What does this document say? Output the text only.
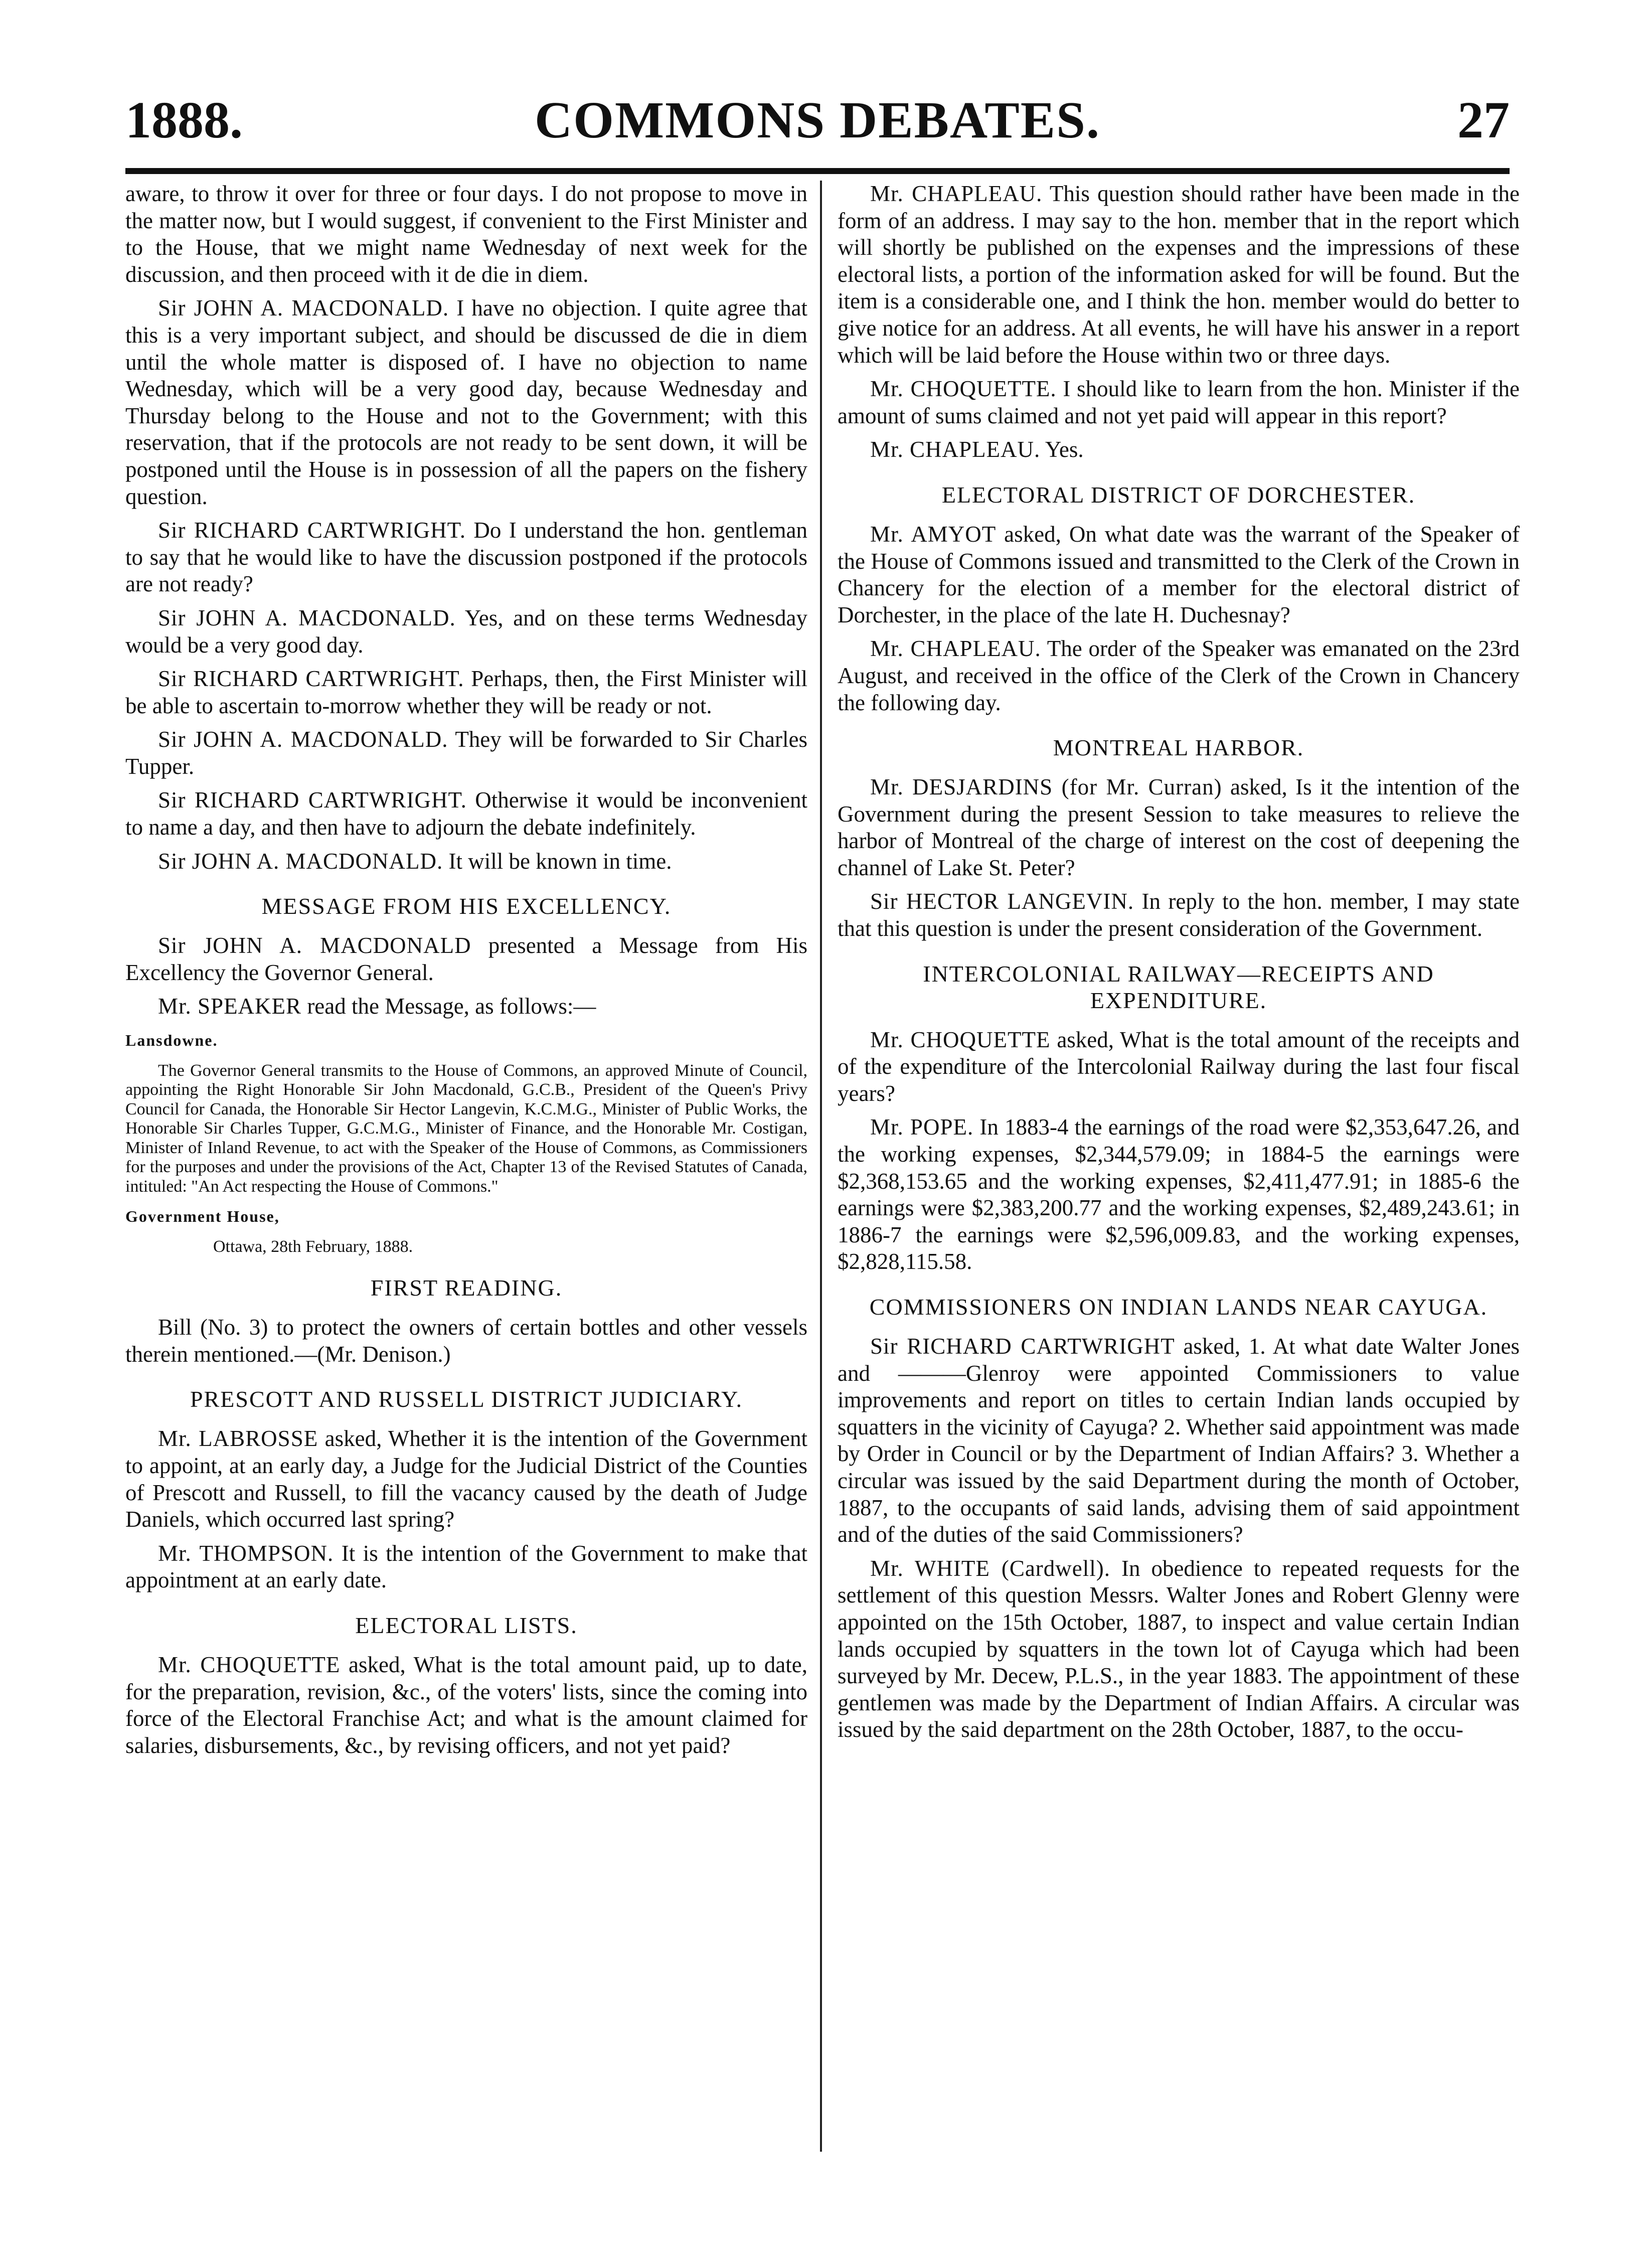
COMMONS DEBATES.
1888.	27

aware, to throw it over for three or four days. I do not propose to move in the matter now, but I would suggest, if convenient to the First Minister and to the House, that we might name Wednesday of next week for the discussion, and then proceed with it de die in diem.

Sir JOHN A. MACDONALD. I have no objection. I quite agree that this is a very important subject, and should be discussed de die in diem until the whole matter is disposed of. I have no objection to name Wednesday, which will be a very good day, because Wednesday and Thursday belong to the House and not to the Government; with this reservation, that if the protocols are not ready to be sent down, it will be postponed until the House is in possession of all the papers on the fishery question.

Sir RICHARD CARTWRIGHT. Do I understand the hon. gentleman to say that he would like to have the discussion postponed if the protocols are not ready?

Sir JOHN A. MACDONALD. Yes, and on these terms Wednesday would be a very good day.

Sir RICHARD CARTWRIGHT. Perhaps, then, the First Minister will be able to ascertain to-morrow whether they will be ready or not.

Sir JOHN A. MACDONALD. They will be forwarded to Sir Charles Tupper.

Sir RICHARD CARTWRIGHT. Otherwise it would be inconvenient to name a day, and then have to adjourn the debate indefinitely.

Sir JOHN A. MACDONALD. It will be known in time.

MESSAGE FROM HIS EXCELLENCY.

Sir JOHN A. MACDONALD presented a Message from His Excellency the Governor General.

Mr. SPEAKER read the Message, as follows:—

Lansdowne.

The Governor General transmits to the House of Commons, an approved Minute of Council, appointing the Right Honorable Sir John Macdonald, G.C.B., President of the Queen's Privy Council for Canada, the Honorable Sir Hector Langevin, K.C.M.G., Minister of Public Works, the Honorable Sir Charles Tupper, G.C.M.G., Minister of Finance, and the Honorable Mr. Costigan, Minister of Inland Revenue, to act with the Speaker of the House of Commons, as Commissioners for the purposes and under the provisions of the Act, Chapter 13 of the Revised Statutes of Canada, intituled: "An Act respecting the House of Commons."

Government House,

Ottawa, 28th February, 1888.

FIRST READING.

Bill (No. 3) to protect the owners of certain bottles and other vessels therein mentioned.—(Mr. Denison.)

PRESCOTT AND RUSSELL DISTRICT JUDICIARY.

Mr. LABROSSE asked, Whether it is the intention of the Government to appoint, at an early day, a Judge for the Judicial District of the Counties of Prescott and Russell, to fill the vacancy caused by the death of Judge Daniels, which occurred last spring?

Mr. THOMPSON. It is the intention of the Government to make that appointment at an early date.

ELECTORAL LISTS.

Mr. CHOQUETTE asked, What is the total amount paid, up to date, for the preparation, revision, &c., of the voters' lists, since the coming into force of the Electoral Franchise Act; and what is the amount claimed for salaries, disbursements, &c., by revising officers, and not yet paid?

Mr. CHAPLEAU. This question should rather have been made in the form of an address. I may say to the hon. member that in the report which will shortly be published on the expenses and the impressions of these electoral lists, a portion of the information asked for will be found. But the item is a considerable one, and I think the hon. member would do better to give notice for an address. At all events, he will have his answer in a report which will be laid before the House within two or three days.

Mr. CHOQUETTE. I should like to learn from the hon. Minister if the amount of sums claimed and not yet paid will appear in this report?

Mr. CHAPLEAU. Yes.

ELECTORAL DISTRICT OF DORCHESTER.

Mr. AMYOT asked, On what date was the warrant of the Speaker of the House of Commons issued and transmitted to the Clerk of the Crown in Chancery for the election of a member for the electoral district of Dorchester, in the place of the late H. Duchesnay?

Mr. CHAPLEAU. The order of the Speaker was emanated on the 23rd August, and received in the office of the Clerk of the Crown in Chancery the following day.

MONTREAL HARBOR.

Mr. DESJARDINS (for Mr. Curran) asked, Is it the intention of the Government during the present Session to take measures to relieve the harbor of Montreal of the charge of interest on the cost of deepening the channel of Lake St. Peter?

Sir HECTOR LANGEVIN. In reply to the hon. member, I may state that this question is under the present consideration of the Government.

INTERCOLONIAL RAILWAY—RECEIPTS AND EXPENDITURE.

Mr. CHOQUETTE asked, What is the total amount of the receipts and of the expenditure of the Intercolonial Railway during the last four fiscal years?

Mr. POPE. In 1883-4 the earnings of the road were $2,353,647.26, and the working expenses, $2,344,579.09; in 1884-5 the earnings were $2,368,153.65 and the working expenses, $2,411,477.91; in 1885-6 the earnings were $2,383,200.77 and the working expenses, $2,489,243.61; in 1886-7 the earnings were $2,596,009.83, and the working expenses, $2,828,115.58.

COMMISSIONERS ON INDIAN LANDS NEAR CAYUGA.

Sir RICHARD CARTWRIGHT asked, 1. At what date Walter Jones and ———Glenroy were appointed Commissioners to value improvements and report on titles to certain Indian lands occupied by squatters in the vicinity of Cayuga? 2. Whether said appointment was made by Order in Council or by the Department of Indian Affairs? 3. Whether a circular was issued by the said Department during the month of October, 1887, to the occupants of said lands, advising them of said appointment and of the duties of the said Commissioners?

Mr. WHITE (Cardwell). In obedience to repeated requests for the settlement of this question Messrs. Walter Jones and Robert Glenny were appointed on the 15th October, 1887, to inspect and value certain Indian lands occupied by squatters in the town lot of Cayuga which had been surveyed by Mr. Decew, P.L.S., in the year 1883. The appointment of these gentlemen was made by the Department of Indian Affairs. A circular was issued by the said department on the 28th October, 1887, to the occu-
